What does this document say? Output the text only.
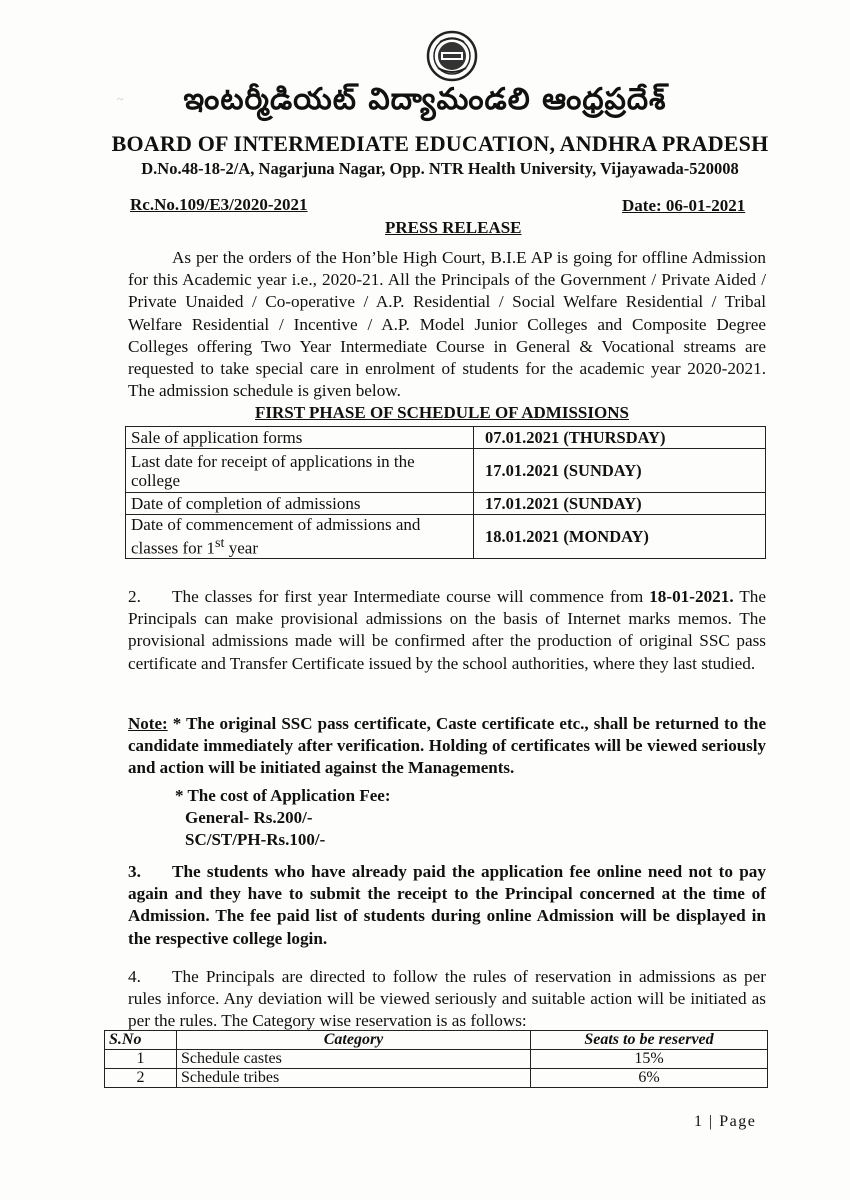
~	ఇంటర్మీడియట్ విద్యామండలి ఆంధ్రప్రదేశ్
BOARD OF INTERMEDIATE EDUCATION, ANDHRA PRADESH
D.No.48-18-2/A, Nagarjuna Nagar, Opp. NTR Health University, Vijayawada-520008
Rc.No.109/E3/2020-2021	Date: 06-01-2021
PRESS RELEASE
As per the orders of the Hon’ble High Court, B.I.E AP is going for offline Admission for this Academic year i.e., 2020-21. All the Principals of the Government / Private Aided / Private Unaided / Co-operative / A.P. Residential / Social Welfare Residential / Tribal Welfare Residential / Incentive / A.P. Model Junior Colleges and Composite Degree Colleges offering Two Year Intermediate Course in General & Vocational streams are requested to take special care in enrolment of students for the academic year 2020-2021. The admission schedule is given below.
FIRST PHASE OF SCHEDULE OF ADMISSIONS
Sale of application forms	07.01.2021 (THURSDAY)
Last date for receipt of applications in the college	17.01.2021 (SUNDAY)
Date of completion of admissions	17.01.2021 (SUNDAY)
Date of commencement of admissions and classes for 1st year	18.01.2021 (MONDAY)
2. The classes for first year Intermediate course will commence from 18-01-2021. The Principals can make provisional admissions on the basis of Internet marks memos. The provisional admissions made will be confirmed after the production of original SSC pass certificate and Transfer Certificate issued by the school authorities, where they last studied.
Note: * The original SSC pass certificate, Caste certificate etc., shall be returned to the candidate immediately after verification. Holding of certificates will be viewed seriously and action will be initiated against the Managements.
* The cost of Application Fee:
General- Rs.200/-
SC/ST/PH-Rs.100/-
3. The students who have already paid the application fee online need not to pay again and they have to submit the receipt to the Principal concerned at the time of Admission. The fee paid list of students during online Admission will be displayed in the respective college login.
4. The Principals are directed to follow the rules of reservation in admissions as per rules inforce. Any deviation will be viewed seriously and suitable action will be initiated as per the rules. The Category wise reservation is as follows:
S.No	Category	Seats to be reserved
1	Schedule castes	15%
2	Schedule tribes	6%
1 | Page
